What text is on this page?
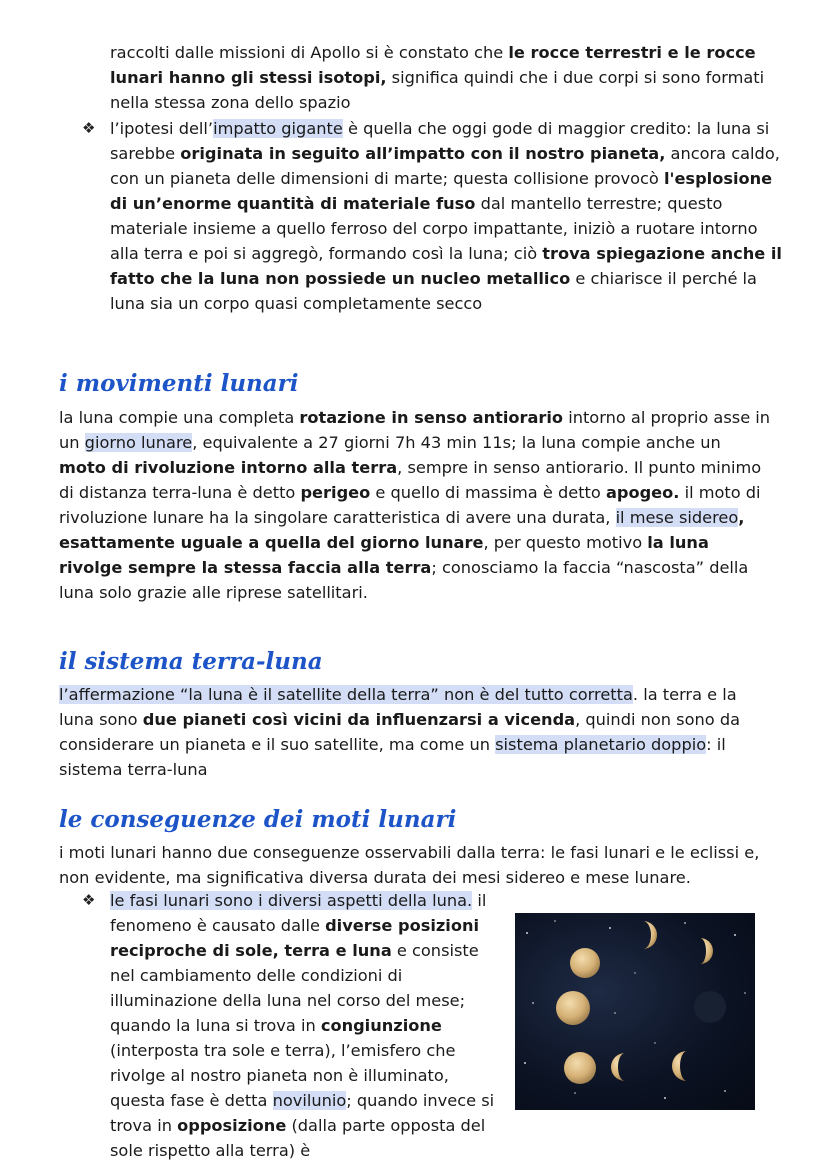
raccolti dalle missioni di Apollo si è constato che le rocce terrestri e le rocce lunari hanno gli stessi isotopi, significa quindi che i due corpi si sono formati nella stessa zona dello spazio
❖ l’ipotesi dell’impatto gigante è quella che oggi gode di maggior credito: la luna si sarebbe originata in seguito all’impatto con il nostro pianeta, ancora caldo, con un pianeta delle dimensioni di marte; questa collisione provocò l'esplosione di un’enorme quantità di materiale fuso dal mantello terrestre; questo materiale insieme a quello ferroso del corpo impattante, iniziò a ruotare intorno alla terra e poi si aggregò, formando così la luna; ciò trova spiegazione anche il fatto che la luna non possiede un nucleo metallico e chiarisce il perché la luna sia un corpo quasi completamente secco
i movimenti lunari
la luna compie una completa rotazione in senso antiorario intorno al proprio asse in un giorno lunare, equivalente a 27 giorni 7h 43 min 11s; la luna compie anche un moto di rivoluzione intorno alla terra, sempre in senso antiorario. Il punto minimo di distanza terra-luna è detto perigeo e quello di massima è detto apogeo. il moto di rivoluzione lunare ha la singolare caratteristica di avere una durata, il mese sidereo, esattamente uguale a quella del giorno lunare, per questo motivo la luna rivolge sempre la stessa faccia alla terra; conosciamo la faccia “nascosta” della luna solo grazie alle riprese satellitari.
il sistema terra-luna
l’affermazione “la luna è il satellite della terra” non è del tutto corretta. la terra e la luna sono due pianeti così vicini da influenzarsi a vicenda, quindi non sono da considerare un pianeta e il suo satellite, ma come un sistema planetario doppio: il sistema terra-luna
le conseguenze dei moti lunari
i moti lunari hanno due conseguenze osservabili dalla terra: le fasi lunari e le eclissi e, non evidente, ma significativa diversa durata dei mesi sidereo e mese lunare.
❖ le fasi lunari sono i diversi aspetti della luna. il fenomeno è causato dalle diverse posizioni reciproche di sole, terra e luna e consiste nel cambiamento delle condizioni di illuminazione della luna nel corso del mese; quando la luna si trova in congiunzione (interposta tra sole e terra), l’emisfero che rivolge al nostro pianeta non è illuminato, questa fase è detta novilunio; quando invece si trova in opposizione (dalla parte opposta del sole rispetto alla terra) è
